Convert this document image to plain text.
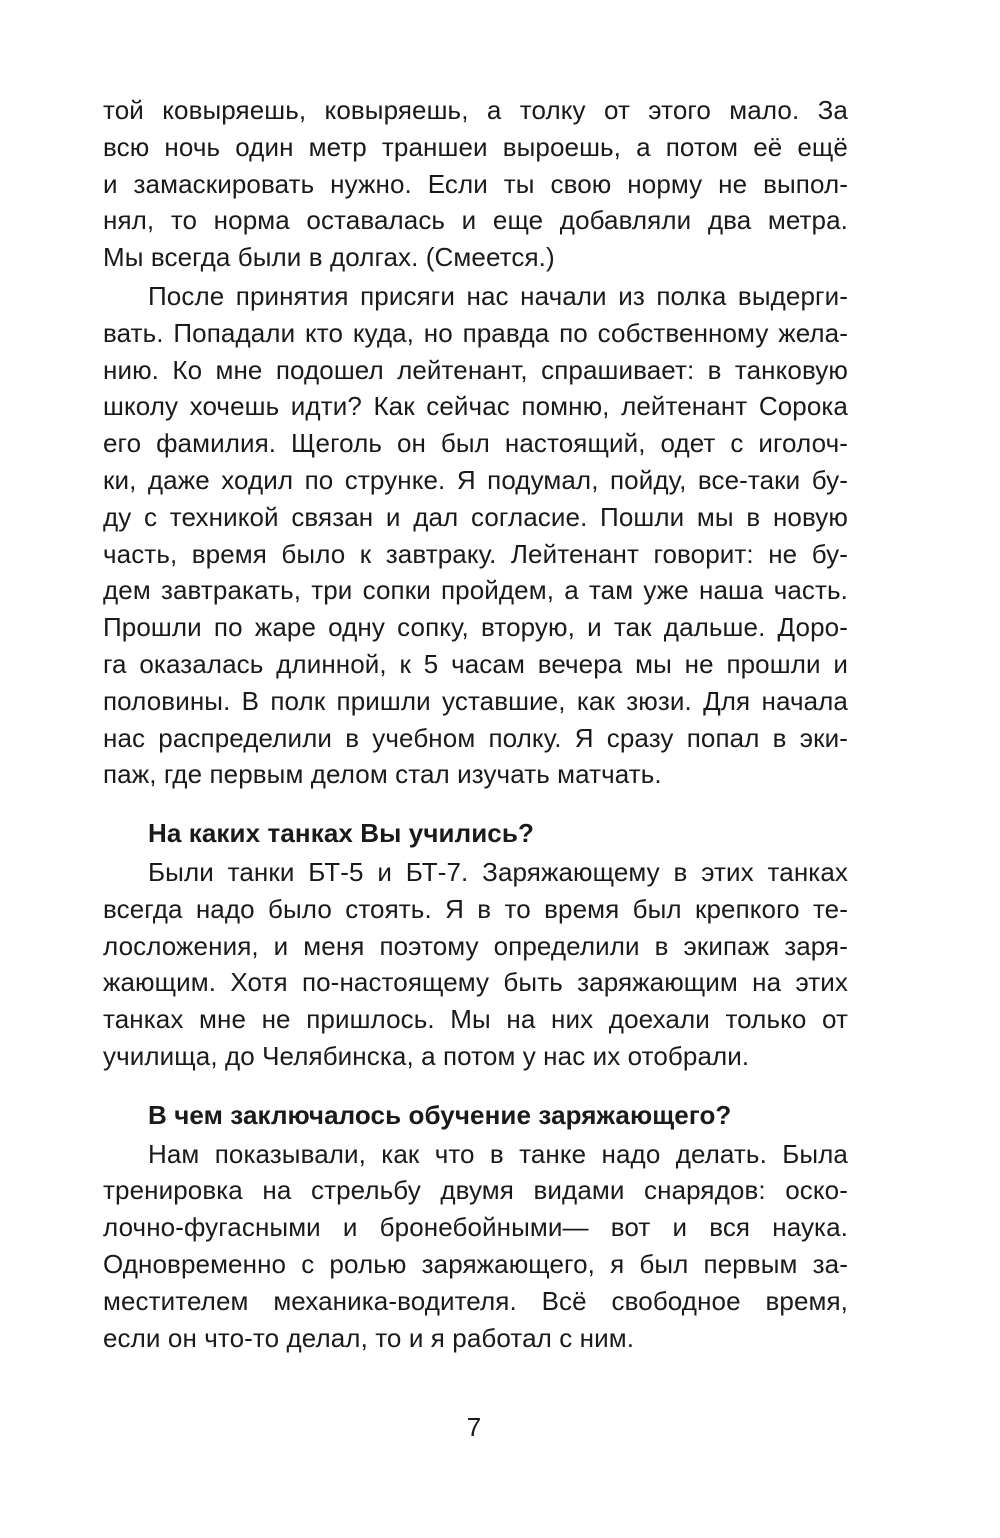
той ковыряешь, ковыряешь, а толку от этого мало. За
всю ночь один метр траншеи выроешь, а потом её ещё
и замаскировать нужно. Если ты свою норму не выпол-
нял, то норма оставалась и еще добавляли два метра.
Мы всегда были в долгах. (Смеется.)
После принятия присяги нас начали из полка выдерги-
вать. Попадали кто куда, но правда по собственному жела-
нию. Ко мне подошел лейтенант, спрашивает: в танковую
школу хочешь идти? Как сейчас помню, лейтенант Сорока
его фамилия. Щеголь он был настоящий, одет с иголоч-
ки, даже ходил по струнке. Я подумал, пойду, все-таки бу-
ду с техникой связан и дал согласие. Пошли мы в новую
часть, время было к завтраку. Лейтенант говорит: не бу-
дем завтракать, три сопки пройдем, а там уже наша часть.
Прошли по жаре одну сопку, вторую, и так дальше. Доро-
га оказалась длинной, к 5 часам вечера мы не прошли и
половины. В полк пришли уставшие, как зюзи. Для начала
нас распределили в учебном полку. Я сразу попал в эки-
паж, где первым делом стал изучать матчать.
На каких танках Вы учились?
Были танки БТ-5 и БТ-7. Заряжающему в этих танках
всегда надо было стоять. Я в то время был крепкого те-
лосложения, и меня поэтому определили в экипаж заря-
жающим. Хотя по-настоящему быть заряжающим на этих
танках мне не пришлось. Мы на них доехали только от
училища, до Челябинска, а потом у нас их отобрали.
В чем заключалось обучение заряжающего?
Нам показывали, как что в танке надо делать. Была
тренировка на стрельбу двумя видами снарядов: оско-
лочно-фугасными и бронебойными— вот и вся наука.
Одновременно с ролью заряжающего, я был первым за-
местителем механика-водителя. Всё свободное время,
если он что-то делал, то и я работал с ним.
7
